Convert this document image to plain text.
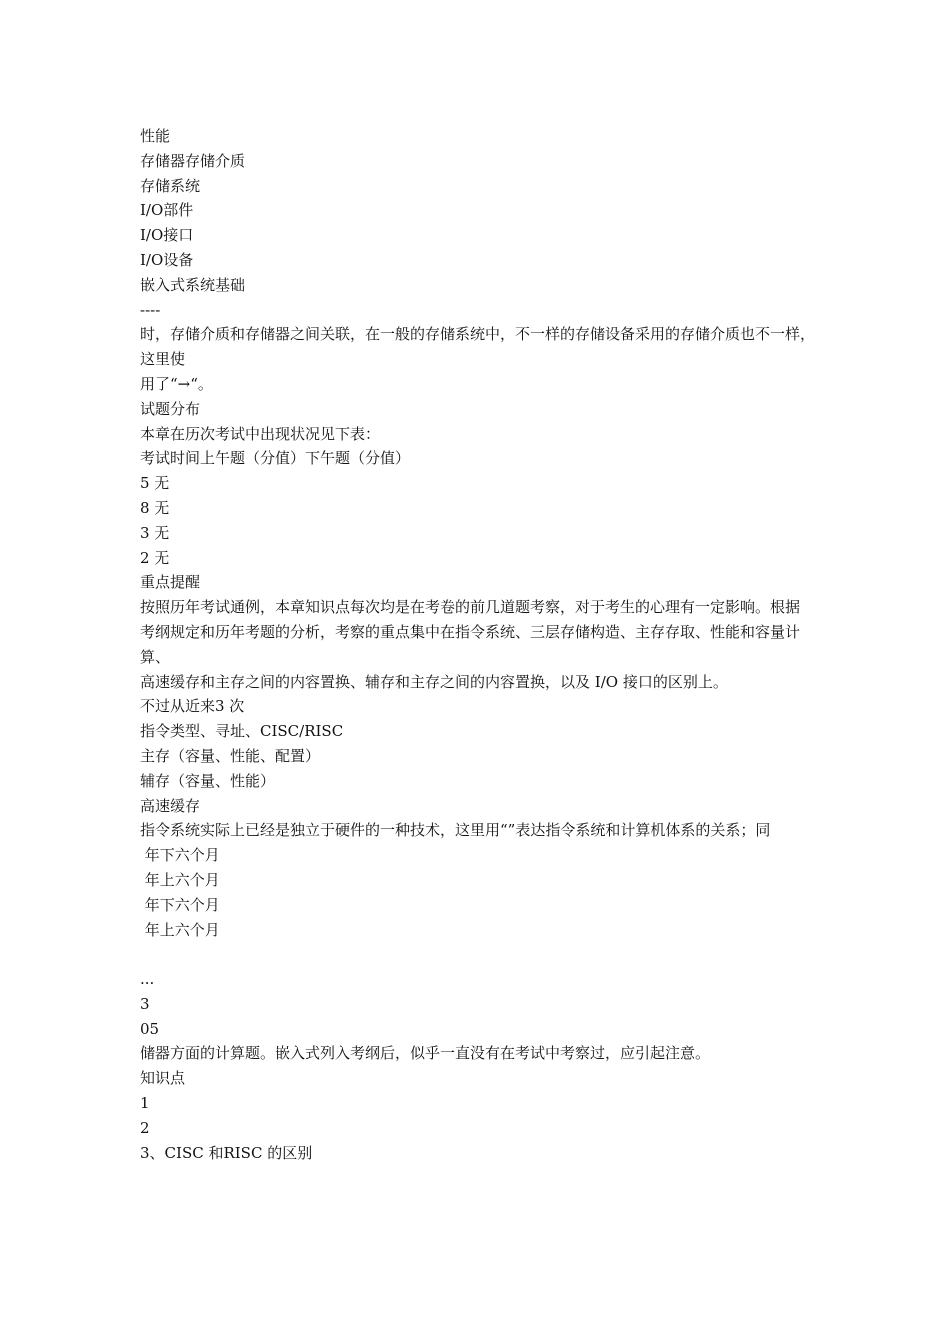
性能

存储器存储介质

存储系统

I/O部件

I/O接口

I/O设备

嵌入式系统基础

----

时，存储介质和存储器之间关联，在一般的存储系统中，不一样的存储设备采用的存储介质也不一样，这里使

用了“→“。

试题分布

本章在历次考试中出现状况见下表：

考试时间上午题（分值）下午题（分值）

5 无

8 无

3 无

2 无

重点提醒

按照历年考试通例，本章知识点每次均是在考卷的前几道题考察，对于考生的心理有一定影响。根据

考纲规定和历年考题的分析，考察的重点集中在指令系统、三层存储构造、主存存取、性能和容量计算、

高速缓存和主存之间的内容置换、辅存和主存之间的内容置换，以及 I/O 接口的区别上。

不过从近来3 次

指令类型、寻址、CISC/RISC

主存（容量、性能、配置）

辅存（容量、性能）

高速缓存

指令系统实际上已经是独立于硬件的一种技术，这里用“”表达指令系统和计算机体系的关系；同

年下六个月

年上六个月

年下六个月

年上六个月

...

3

05

储器方面的计算题。嵌入式列入考纲后，似乎一直没有在考试中考察过，应引起注意。

知识点

1

2

3、CISC 和RISC 的区别
